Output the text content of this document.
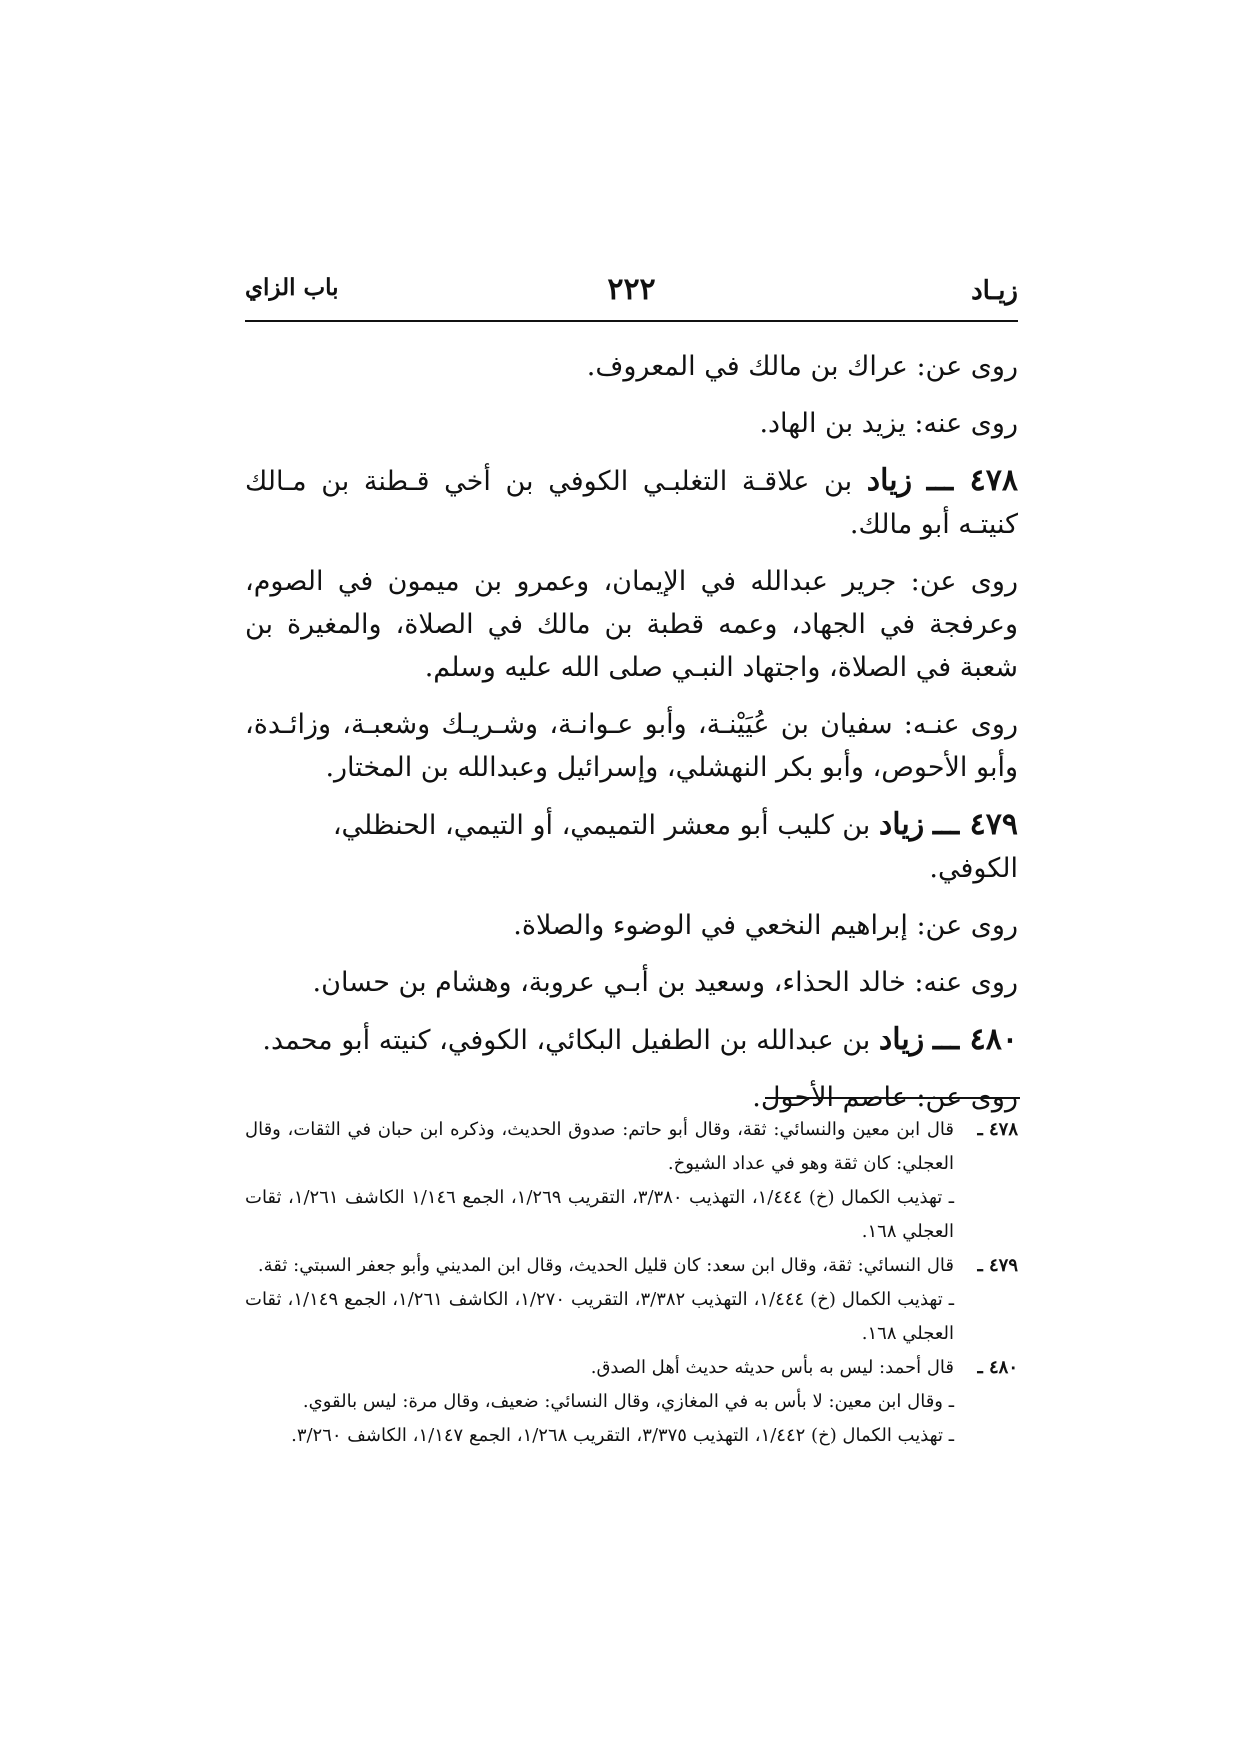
زيـاد
٢٢٢
باب الزاي

روى عن: عراك بن مالك في المعروف.

روى عنه: يزيد بن الهاد.

٤٧٨ ـــ زياد بن علاقـة التغلبـي الكوفي بن أخي قـطنة بن مـالك كنيتـه أبو مالك.

روى عن: جرير عبدالله في الإيمان، وعمرو بن ميمون في الصوم، وعرفجة في الجهاد، وعمه قطبة بن مالك في الصلاة، والمغيرة بن شعبة في الصلاة، واجتهاد النبـي صلى الله عليه وسلم.

روى عنـه: سفيان بن عُيَيْنـة، وأبو عـوانـة، وشـريـك وشعبـة، وزائـدة، وأبو الأحوص، وأبو بكر النهشلي، وإسرائيل وعبدالله بن المختار.

٤٧٩ ـــ زياد بن كليب أبو معشر التميمي، أو التيمي، الحنظلي، الكوفي.

روى عن: إبراهيم النخعي في الوضوء والصلاة.

روى عنه: خالد الحذاء، وسعيد بن أبـي عروبة، وهشام بن حسان.

٤٨٠ ـــ زياد بن عبدالله بن الطفيل البكائي، الكوفي، كنيته أبو محمد.

روى عن: عاصم الأحول.

٤٧٨ ـ
قال ابن معين والنسائي: ثقة، وقال أبو حاتم: صدوق الحديث، وذكره ابن حبان في الثقات، وقال العجلي: كان ثقة وهو في عداد الشيوخ.
ـ تهذيب الكمال (خ) ١/٤٤٤، التهذيب ٣/٣٨٠، التقريب ١/٢٦٩، الجمع ١/١٤٦ الكاشف ١/٢٦١، ثقات العجلي ١٦٨.
٤٧٩ ـ
قال النسائي: ثقة، وقال ابن سعد: كان قليل الحديث، وقال ابن المديني وأبو جعفر السبتي: ثقة.
ـ تهذيب الكمال (خ) ١/٤٤٤، التهذيب ٣/٣٨٢، التقريب ١/٢٧٠، الكاشف ١/٢٦١، الجمع ١/١٤٩، ثقات العجلي ١٦٨.
٤٨٠ ـ
قال أحمد: ليس به بأس حديثه حديث أهل الصدق.
ـ وقال ابن معين: لا بأس به في المغازي، وقال النسائي: ضعيف، وقال مرة: ليس بالقوي.
ـ تهذيب الكمال (خ) ١/٤٤٢، التهذيب ٣/٣٧٥، التقريب ١/٢٦٨، الجمع ١/١٤٧، الكاشف ٣/٢٦٠.
